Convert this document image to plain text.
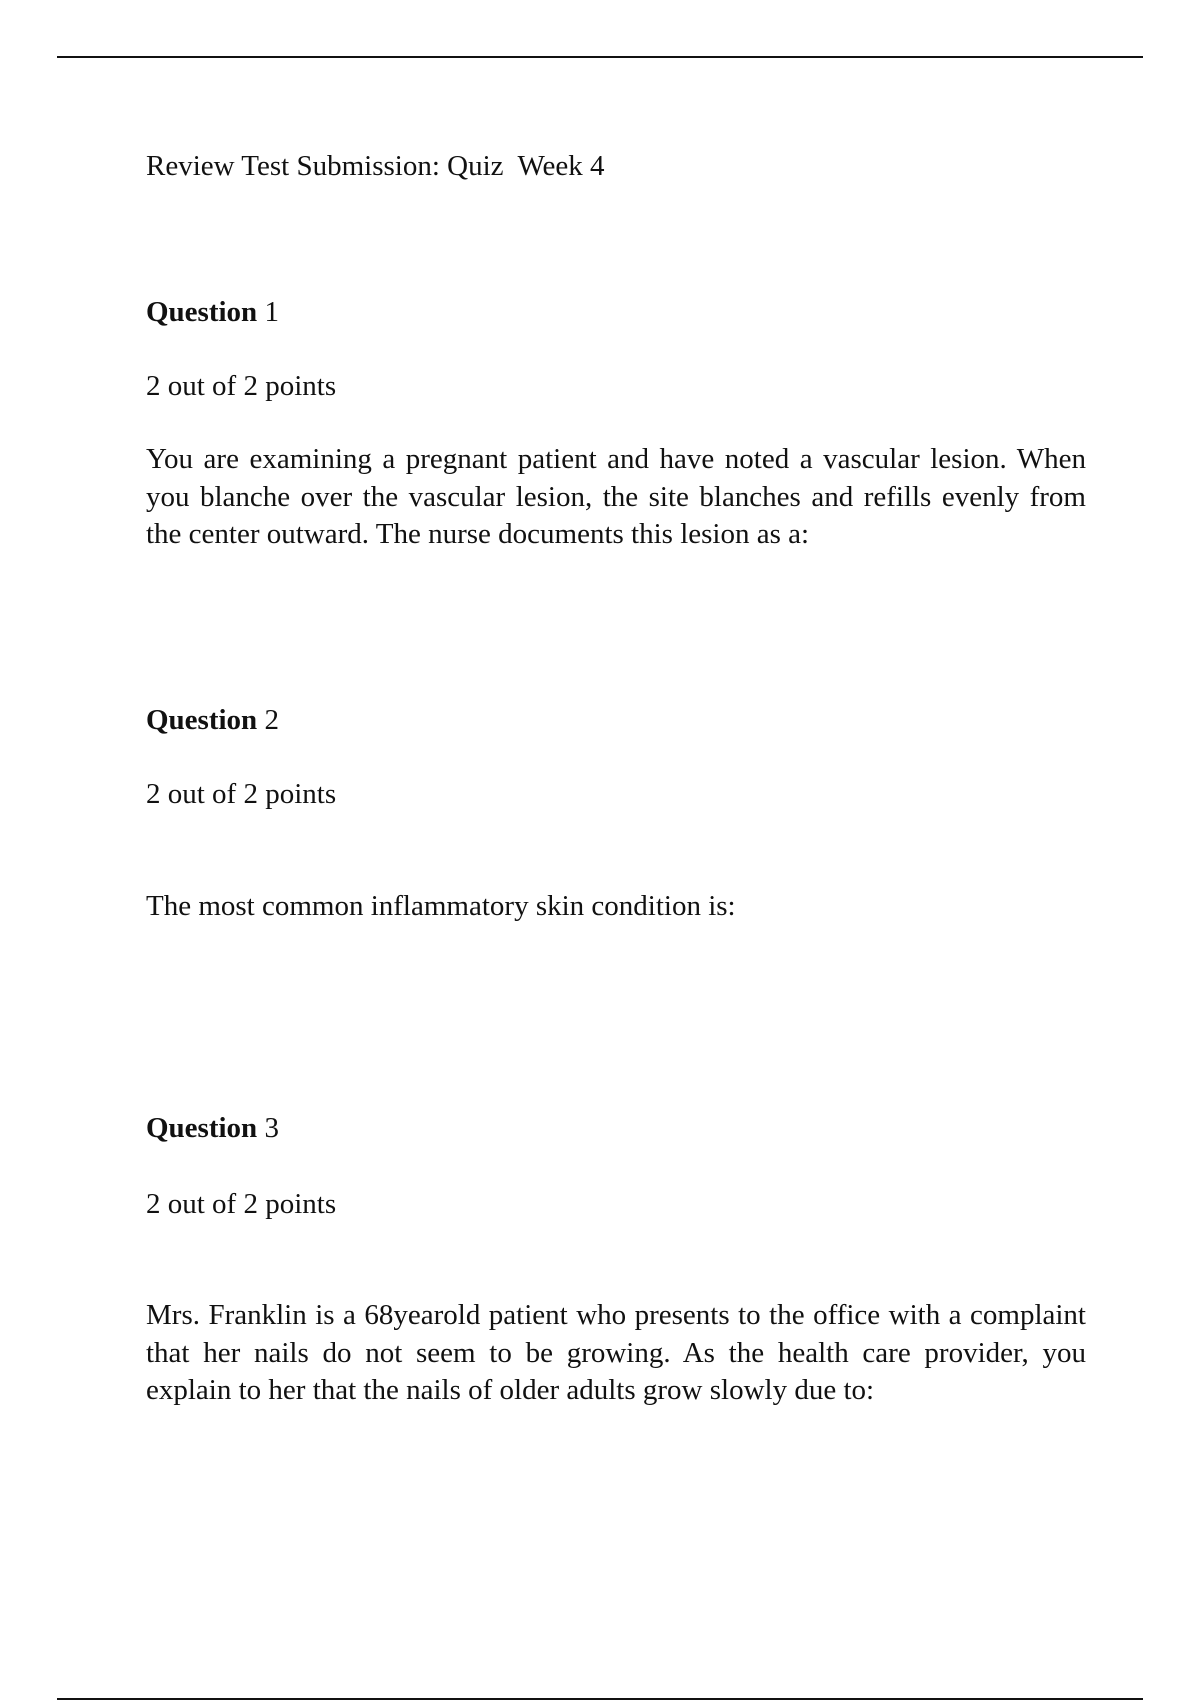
Review Test Submission: Quiz  Week 4
Question 1

2 out of 2 points

You are examining a pregnant patient and have noted a vascular lesion. When you blanche over the vascular lesion, the site blanches and refills evenly from the center outward. The nurse documents this lesion as a:

Question 2

2 out of 2 points

The most common inflammatory skin condition is:

Question 3

2 out of 2 points

Mrs. Franklin is a 68yearold patient who presents to the office with a complaint that her nails do not seem to be growing. As the health care provider, you explain to her that the nails of older adults grow slowly due to:
